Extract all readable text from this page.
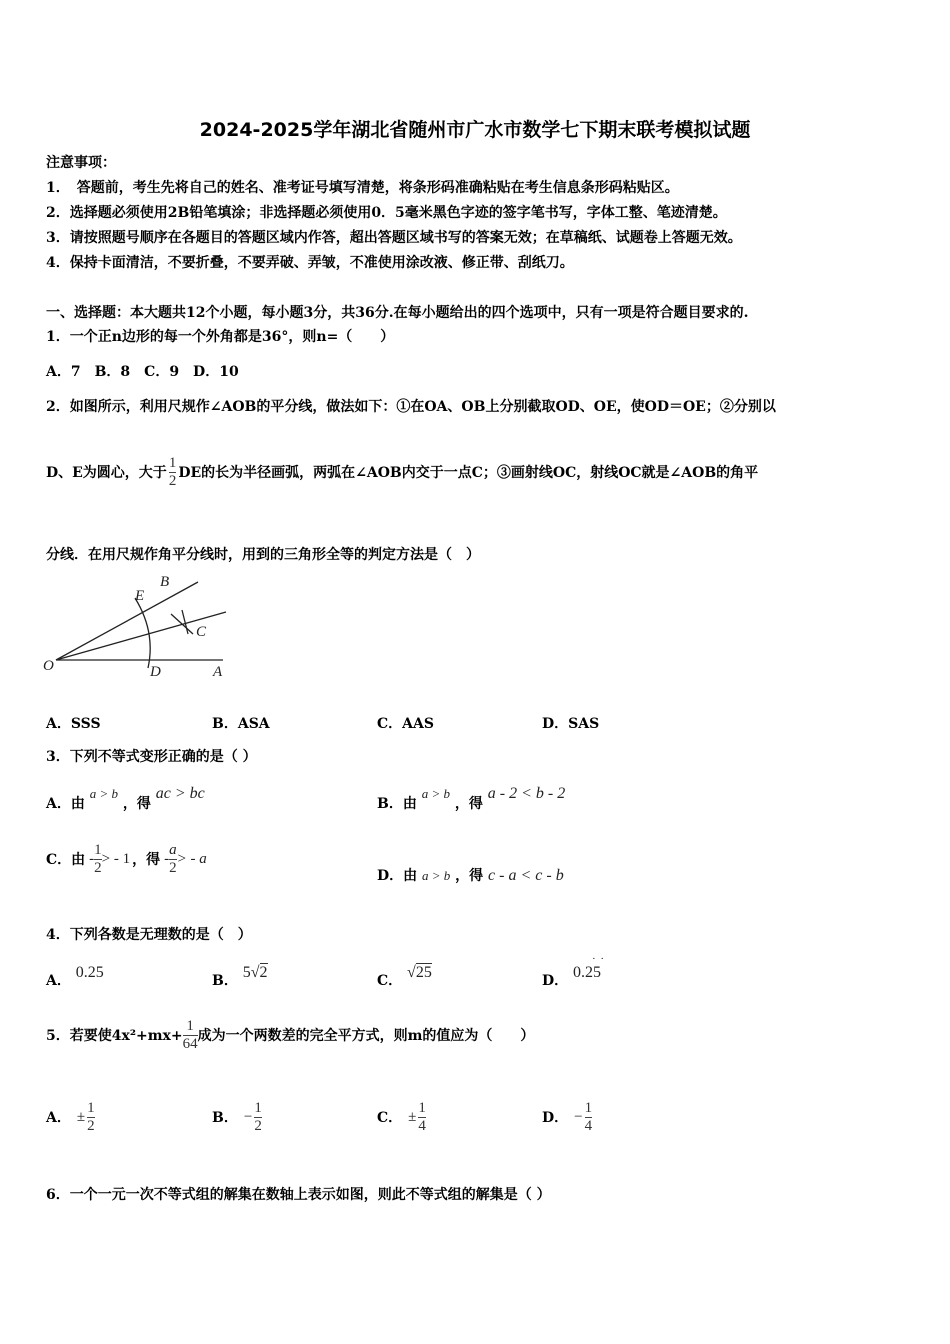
2024-2025学年湖北省随州市广水市数学七下期末联考模拟试题
注意事项：
1．　答题前，考生先将自己的姓名、准考证号填写清楚，将条形码准确粘贴在考生信息条形码粘贴区。
2．选择题必须使用2B铅笔填涂；非选择题必须使用0．5毫米黑色字迹的签字笔书写，字体工整、笔迹清楚。
3．请按照题号顺序在各题目的答题区域内作答，超出答题区域书写的答案无效；在草稿纸、试题卷上答题无效。
4．保持卡面清洁，不要折叠，不要弄破、弄皱，不准使用涂改液、修正带、刮纸刀。
一、选择题：本大题共12个小题，每小题3分，共36分.在每小题给出的四个选项中，只有一项是符合题目要求的.
1．一个正n边形的每一个外角都是36°，则n=（　　）
A．7　B．8　C．9　D．10
2．如图所示，利用尺规作∠AOB的平分线，做法如下：①在OA、OB上分别截取OD、OE，使OD＝OE；②分别以
D、E为圆心，大于 $\frac{1}{2}$ DE的长为半径画弧，两弧在∠AOB内交于一点C；③画射线OC，射线OC就是∠AOB的角平
分线．在用尺规作角平分线时，用到的三角形全等的判定方法是（　）
B
E
C
O	D	A
A．SSS	B．ASA	C．AAS	D．SAS
3．下列不等式变形正确的是（ ）
A．由 a > b ，得 ac > bc
B．由 a > b ，得 a - 2 < b - 2
C．由 - $\frac{1}{2}$ > - 1 ，得 - $\frac{a}{2}$ > - a
D．由 a > b ，得 c - a < c - b
4．下列各数是无理数的是（　）
A． 0.25	B． 5√2	C． √25	D．
· ·
0.25
5．若要使$4x^2+mx+ \frac{1}{64}$ 成为一个两数差的完全平方式，则m的值应为（　　）
A． ± $\frac{1}{2}$	B． − $\frac{1}{2}$	C． ± $\frac{1}{4}$	D． − $\frac{1}{4}$
6．一个一元一次不等式组的解集在数轴上表示如图，则此不等式组的解集是（ ）
